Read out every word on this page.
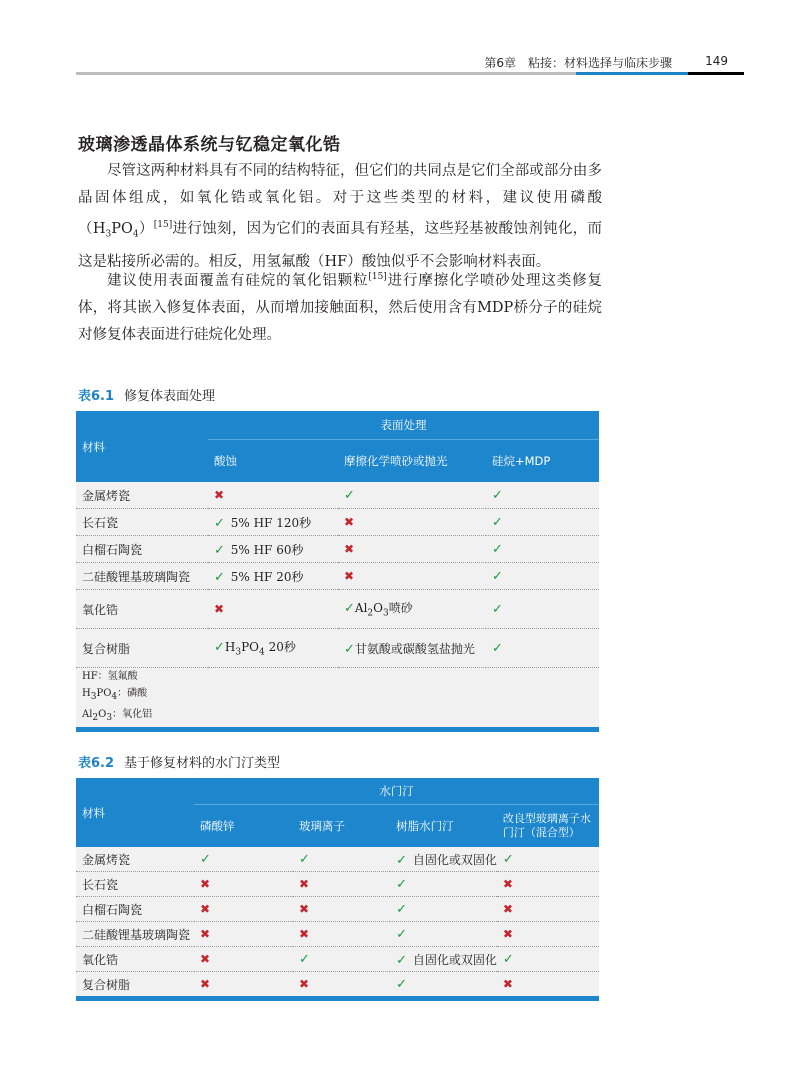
第6章　粘接：材料选择与临床步骤	149
玻璃渗透晶体系统与钇稳定氧化锆
尽管这两种材料具有不同的结构特征，但它们的共同点是它们全部或部分由多晶固体组成，如氧化锆或氧化铝。对于这些类型的材料，建议使用磷酸$(H_3PO_4)[15]$进行蚀刻，因为它们的表面具有羟基，这些羟基被酸蚀剂钝化，而这是粘接所必需的。相反，用氢氟酸（HF）酸蚀似乎不会影响材料表面。
建议使用表面覆盖有硅烷的氧化铝颗粒[15]进行摩擦化学喷砂处理这类修复体，将其嵌入修复体表面，从而增加接触面积，然后使用含有MDP桥分子的硅烷对修复体表面进行硅烷化处理。
表6.1 修复体表面处理
材料	表面处理		
	酸蚀	摩擦化学喷砂或抛光	硅烷+MDP
金属烤瓷	✖	✓	✓
长石瓷	✓ 5% HF 120秒	✖	✓
白榴石陶瓷	✓ 5% HF 60秒	✖	✓
二硅酸锂基玻璃陶瓷	✓ 5% HF 20秒	✖	✓
氧化锆	✖	$✓Al_2O_3$喷砂	✓
复合树脂	$✓H_3PO_4$ 20秒	✓甘氨酸或碳酸氢盐抛光	✓

HF：氢氟酸
$H_3PO_4$：磷酸
$Al_2O_3$：氧化铝			
表6.2 基于修复材料的水门汀类型
材料	水门汀			
	磷酸锌	玻璃离子	树脂水门汀	改良型玻璃离子水门汀（混合型）
金属烤瓷	✓	✓	✓ 自固化或双固化	✓
长石瓷	✖	✖	✓	✖
白榴石陶瓷	✖	✖	✓	✖
二硅酸锂基玻璃陶瓷	✖	✖	✓	✖
氧化锆	✖	✓	✓ 自固化或双固化	✓
复合树脂	✖	✖	✓	✖
